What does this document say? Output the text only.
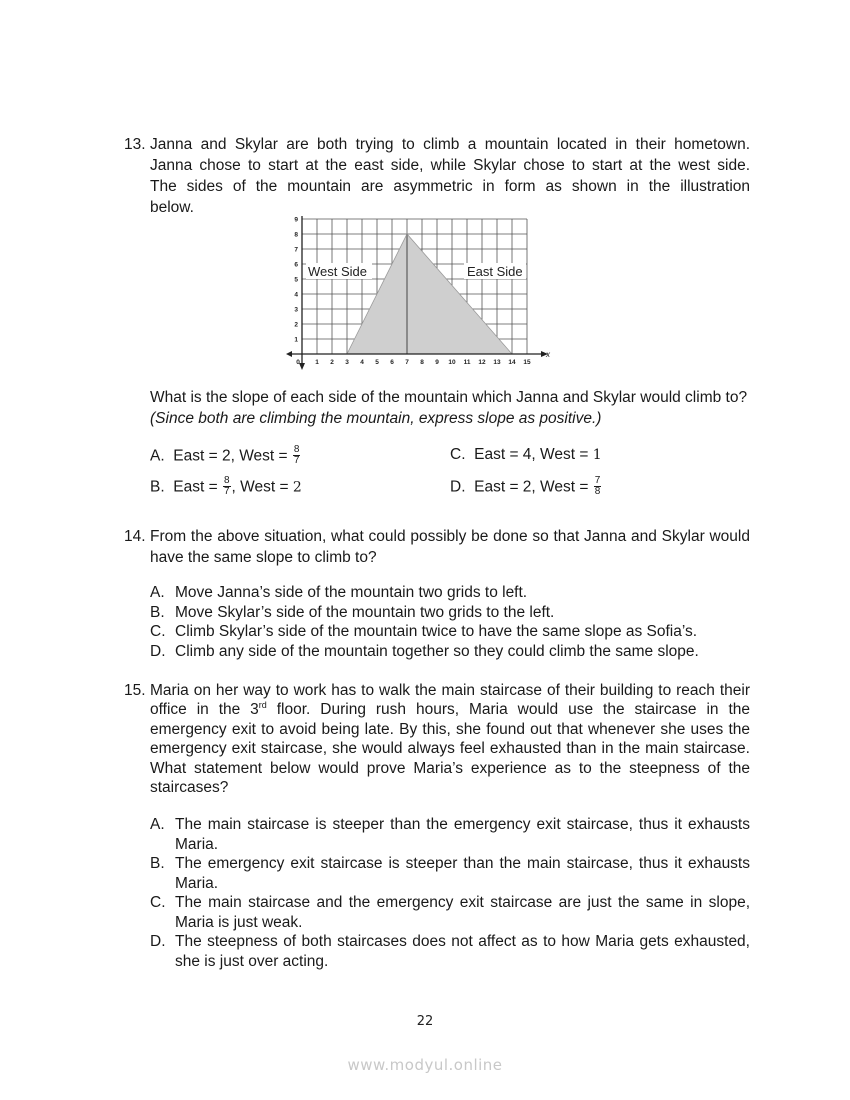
13. Janna and Skylar are both trying to climb a mountain located in their hometown.
Janna chose to start at the east side, while Skylar chose to start at the west side.
The sides of the mountain are asymmetric in form as shown in the illustration
below.
x
0 1 2 3 4 5 6 7 8 9 10 11 12 13 14 15
1
2
3
4
5
6
7
8
9
West Side	East Side
What is the slope of each side of the mountain which Janna and Skylar would climb to? (Since both are climbing the mountain, express slope as positive.)
A. East = 2, West = $\frac{8}{7}$
B. East = $\frac{8}{7}$ , West = 2
C. East = 4, West = 1
D. East = 2, West = $\frac{7}{8}$
14. From the above situation, what could possibly be done so that Janna and Skylar would have the same slope to climb to?
A. Move Janna’s side of the mountain two grids to left.
B. Move Skylar’s side of the mountain two grids to the left.
C. Climb Skylar’s side of the mountain twice to have the same slope as Sofia’s.
D. Climb any side of the mountain together so they could climb the same slope.
15. Maria on her way to work has to walk the main staircase of their building to reach their office in the 3rd floor. During rush hours, Maria would use the staircase in the emergency exit to avoid being late. By this, she found out that whenever she uses the emergency exit staircase, she would always feel exhausted than in the main staircase. What statement below would prove Maria’s experience as to the steepness of the staircases?
A. The main staircase is steeper than the emergency exit staircase, thus it exhausts Maria.
B. The emergency exit staircase is steeper than the main staircase, thus it exhausts Maria.
C. The main staircase and the emergency exit staircase are just the same in slope, Maria is just weak.
D. The steepness of both staircases does not affect as to how Maria gets exhausted, she is just over acting.
22
www.modyul.online
